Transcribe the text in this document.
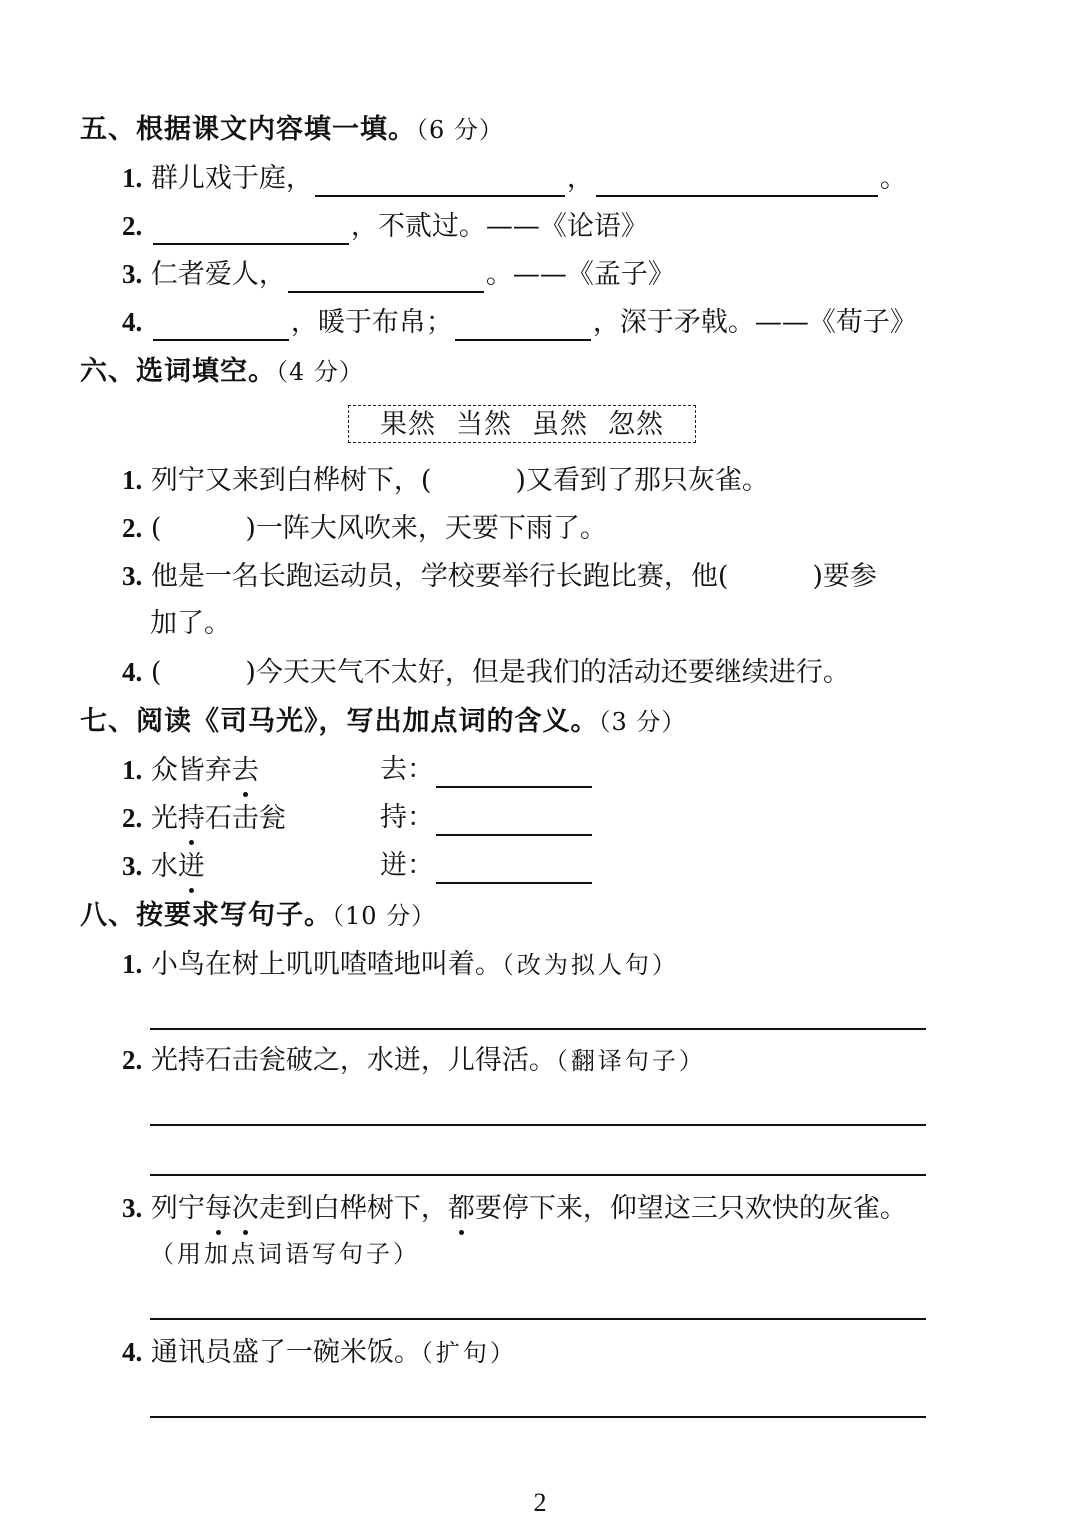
五、根据课文内容填一填。（6 分）
1. 群儿戏于庭，	，	。
2.	，不贰过。——《论语》
3. 仁者爱人，	。——《孟子》
4.	，暖于布帛；	，深于矛戟。——《荀子》
六、选词填空。（4 分）
果然 当然 虽然 忽然
1. 列宁又来到白桦树下，(	)又看到了那只灰雀。
2. (	)一阵大风吹来，天要下雨了。
3. 他是一名长跑运动员，学校要举行长跑比赛，他(	)要参
加了。
4. (	)今天天气不太好，但是我们的活动还要继续进行。
七、阅读《司马光》，写出加点词的含义。（3 分）
1. 众皆弃去	去：
2. 光持石击瓮	持：
3. 水迸	迸：
八、按要求写句子。（10 分）
1. 小鸟在树上叽叽喳喳地叫着。（改为拟人句）
2. 光持石击瓮破之，水迸，儿得活。（翻译句子）
3. 列宁每次走到白桦树下，都要停下来，仰望这三只欢快的灰雀。
（用加点词语写句子）
4. 通讯员盛了一碗米饭。（扩句）
2
